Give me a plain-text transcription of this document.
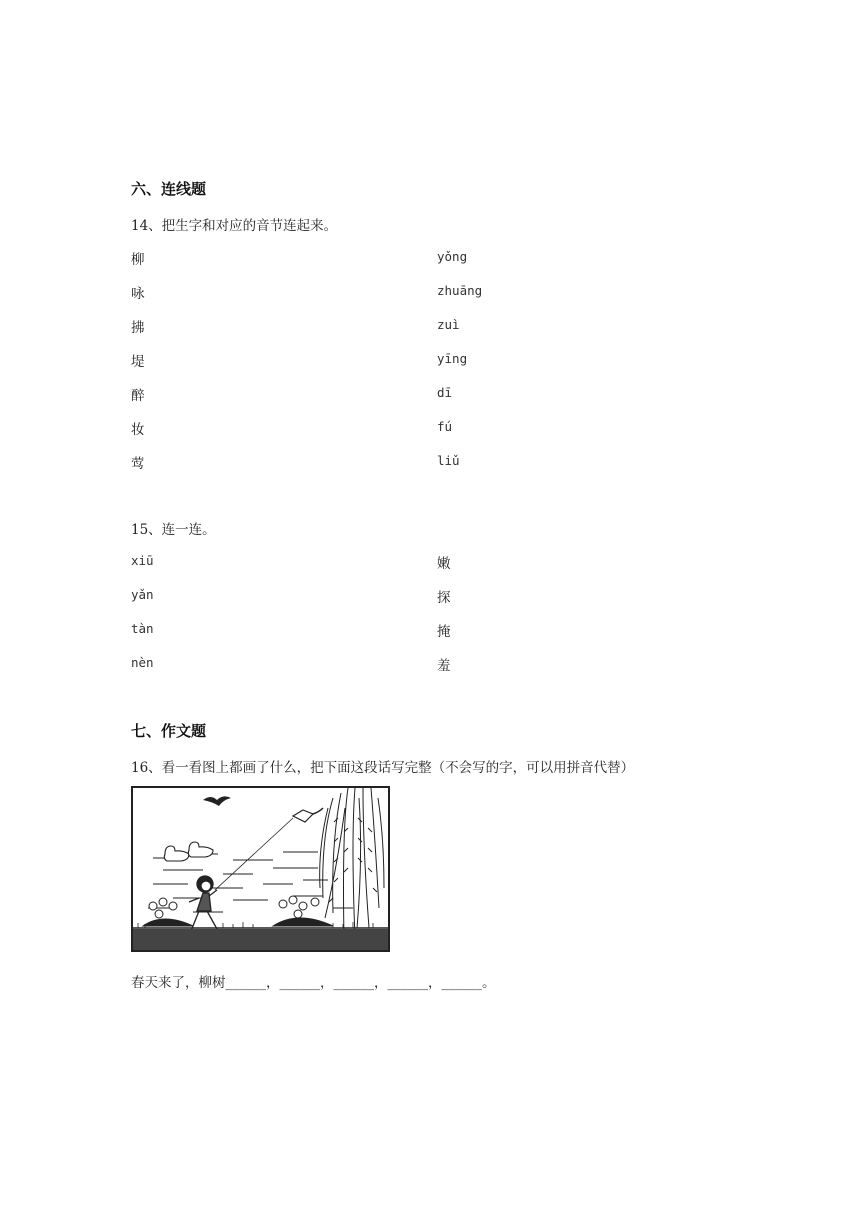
六、连线题
14、把生字和对应的音节连起来。
柳
咏
拂
堤
醉
妆
莺
yǒng
zhuāng
zuì
yīng
dī
fú
liǔ
15、连一连。
xiū
yǎn
tàn
nèn
嫩
探
掩
羞
七、作文题
16、看一看图上都画了什么，把下面这段话写完整（不会写的字，可以用拼音代替）
春天来了，柳树______，______，______，______，______。
